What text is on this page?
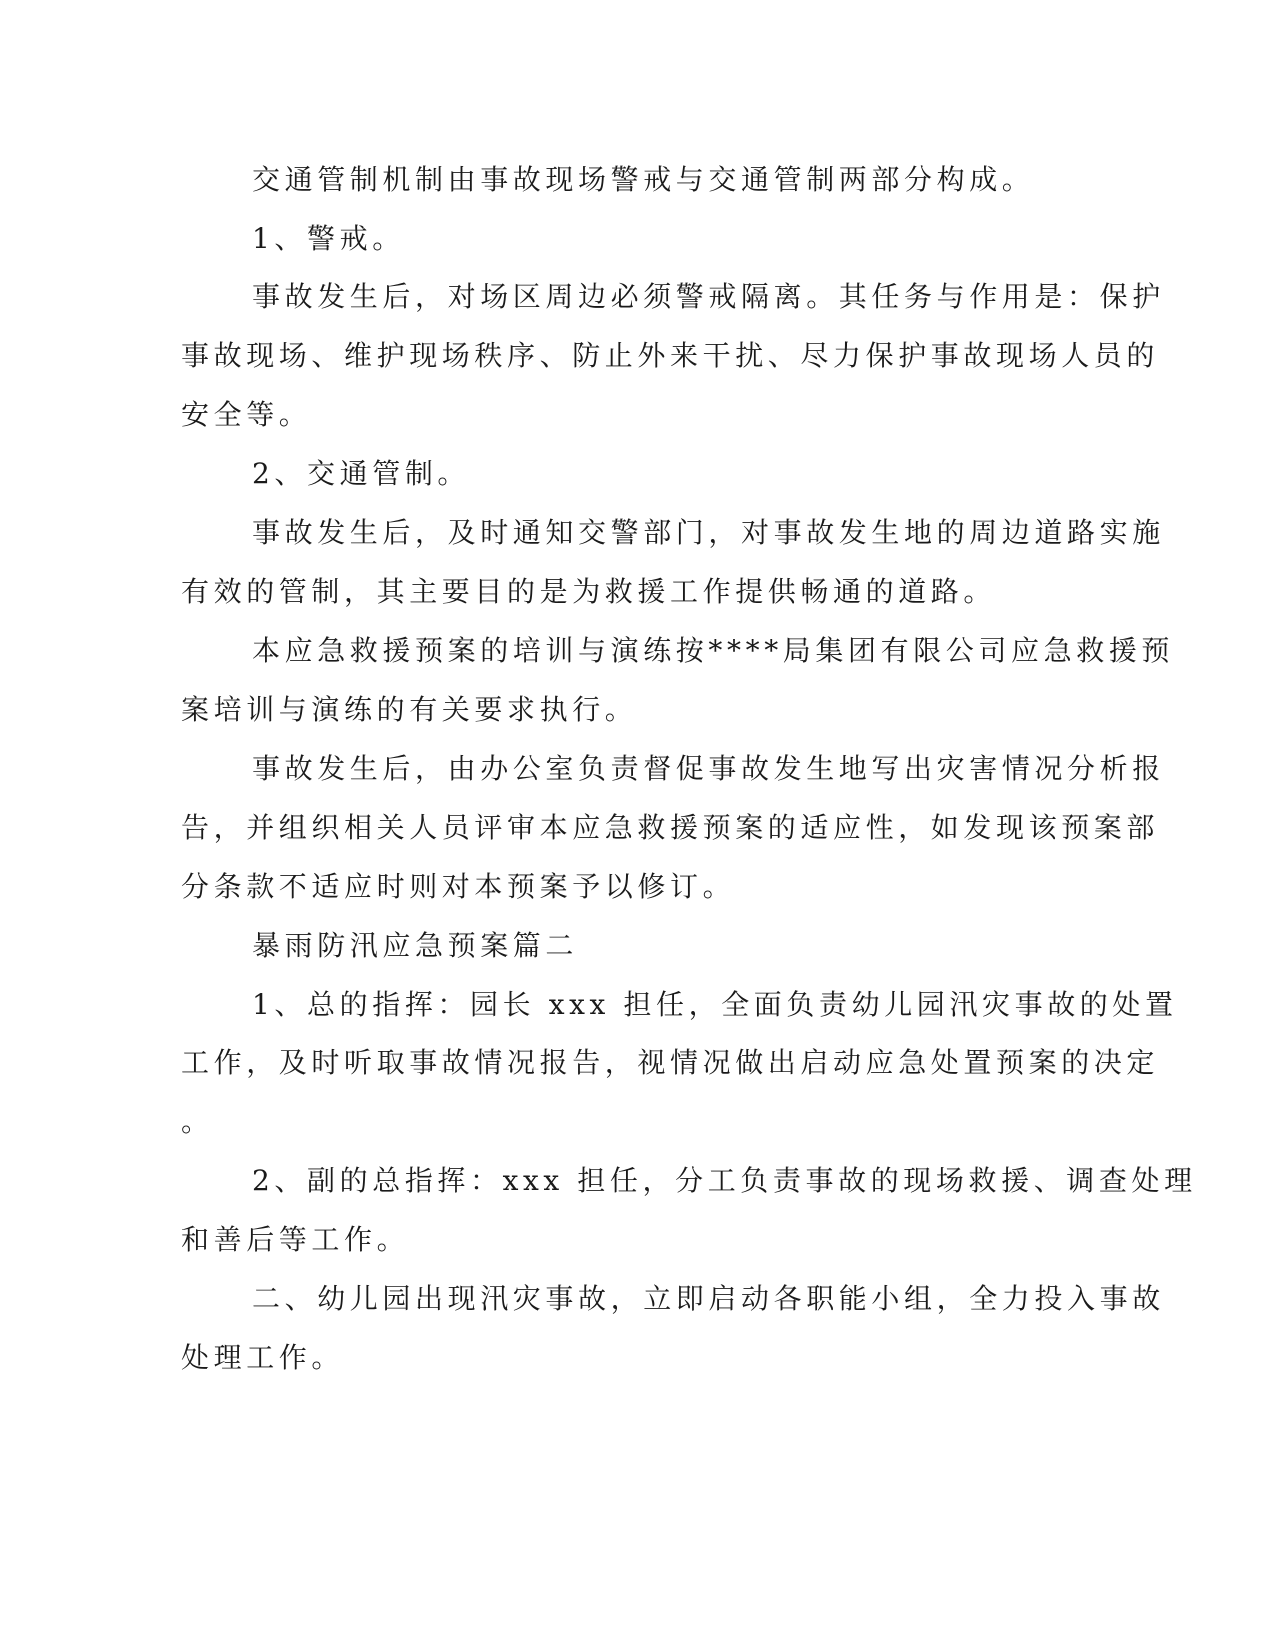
交通管制机制由事故现场警戒与交通管制两部分构成。

1、警戒。

事故发生后，对场区周边必须警戒隔离。其任务与作用是：保护

事故现场、维护现场秩序、防止外来干扰、尽力保护事故现场人员的

安全等。

2、交通管制。

事故发生后，及时通知交警部门，对事故发生地的周边道路实施

有效的管制，其主要目的是为救援工作提供畅通的道路。

本应急救援预案的培训与演练按****局集团有限公司应急救援预

案培训与演练的有关要求执行。

事故发生后，由办公室负责督促事故发生地写出灾害情况分析报

告，并组织相关人员评审本应急救援预案的适应性，如发现该预案部

分条款不适应时则对本预案予以修订。

暴雨防汛应急预案篇二

1、总的指挥：园长 xxx 担任，全面负责幼儿园汛灾事故的处置

工作，及时听取事故情况报告，视情况做出启动应急处置预案的决定

。

2、副的总指挥：xxx 担任，分工负责事故的现场救援、调查处理

和善后等工作。

二、幼儿园出现汛灾事故，立即启动各职能小组，全力投入事故

处理工作。
